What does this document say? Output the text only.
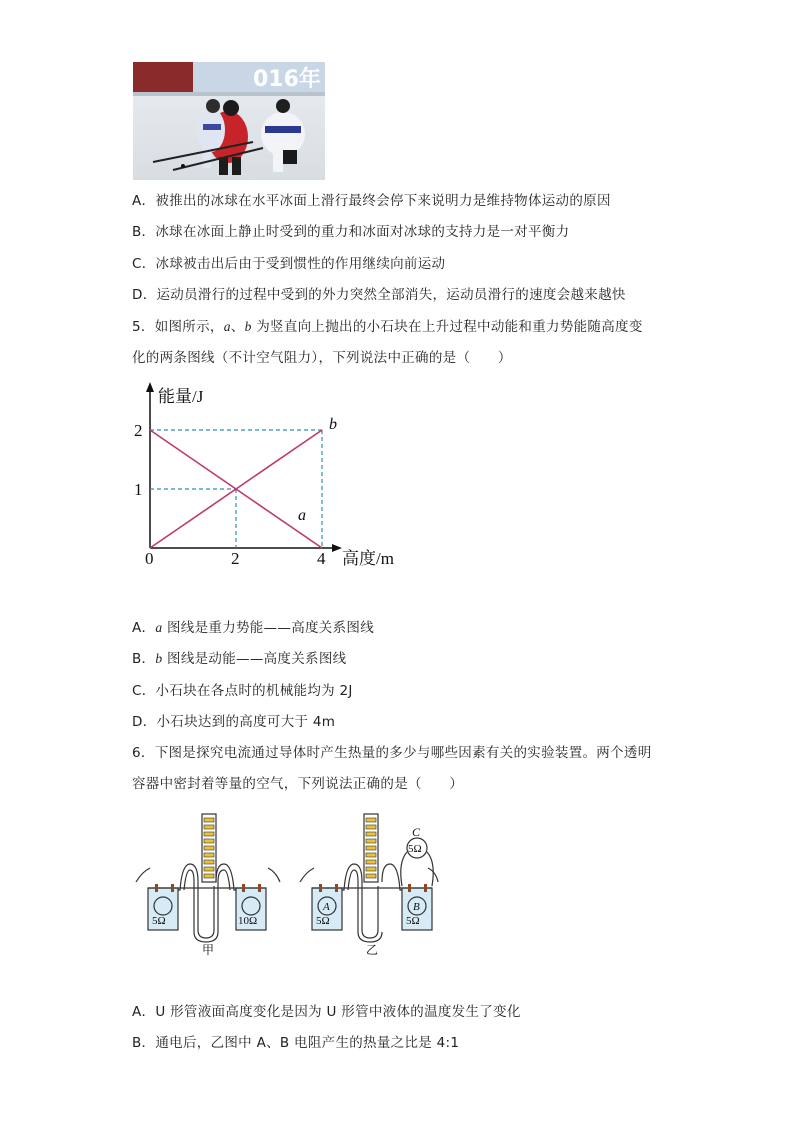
016年
A．被推出的冰球在水平冰面上滑行最终会停下来说明力是维持物体运动的原因
B．冰球在冰面上静止时受到的重力和冰面对冰球的支持力是一对平衡力
C．冰球被击出后由于受到惯性的作用继续向前运动
D．运动员滑行的过程中受到的外力突然全部消失，运动员滑行的速度会越来越快
5．如图所示，a、b 为竖直向上抛出的小石块在上升过程中动能和重力势能随高度变
化的两条图线（不计空气阻力），下列说法中正确的是（　　）
2	4
1
2
能量/J
高度/m
0
b
a
A．a 图线是重力势能——高度关系图线
B．b 图线是动能——高度关系图线
C．小石块在各点时的机械能均为 2J
D．小石块达到的高度可大于 4m
6．下图是探究电流通过导体时产生热量的多少与哪些因素有关的实验装置。两个透明
容器中密封着等量的空气，下列说法正确的是（　　）
5Ω	10Ω
甲	乙
A	B
5Ω	5Ω
5Ω
C
A．U 形管液面高度变化是因为 U 形管中液体的温度发生了变化
B．通电后，乙图中 A、B 电阻产生的热量之比是 4:1
